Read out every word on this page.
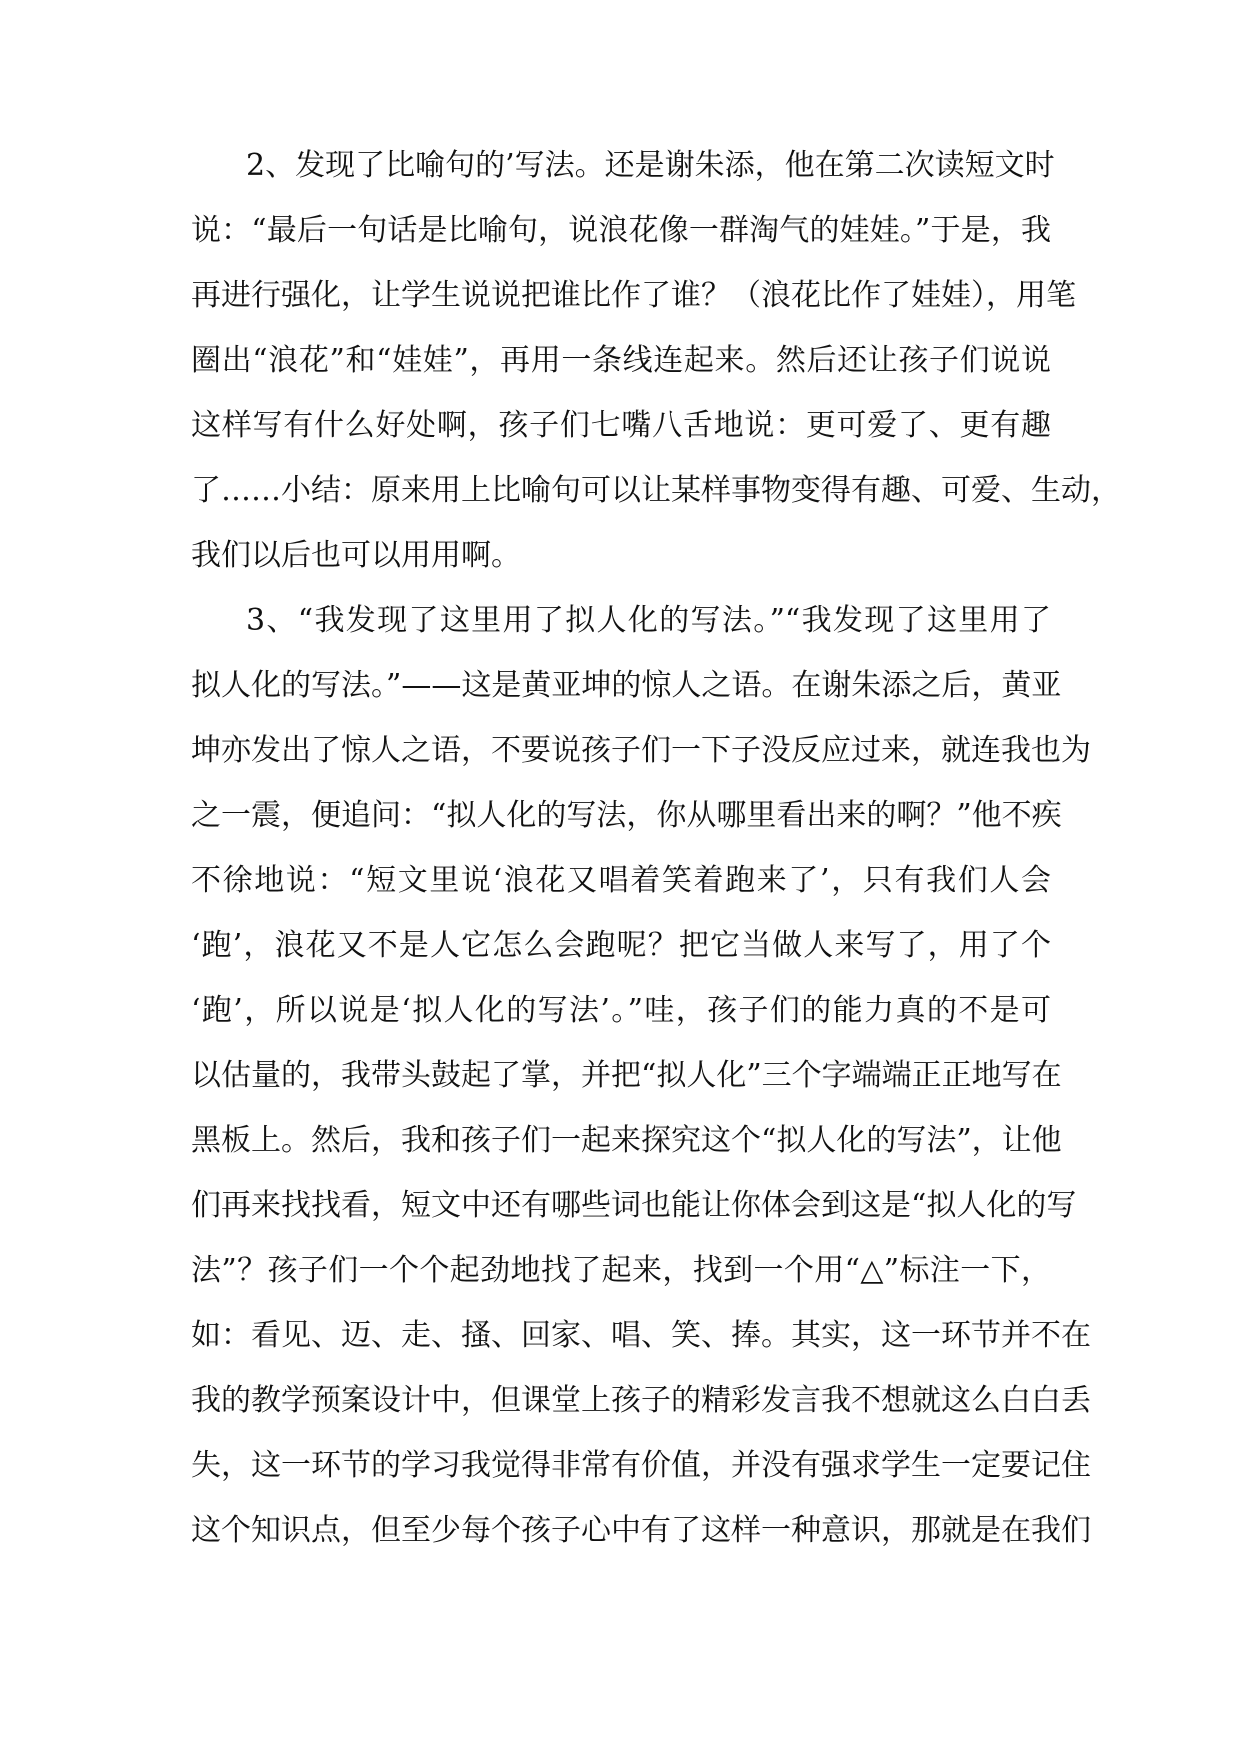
2、发现了比喻句的’写法。还是谢朱添，他在第二次读短文时
说：“最后一句话是比喻句，说浪花像一群淘气的娃娃。”于是，我
再进行强化，让学生说说把谁比作了谁？（浪花比作了娃娃），用笔
圈出“浪花”和“娃娃”，再用一条线连起来。然后还让孩子们说说
这样写有什么好处啊，孩子们七嘴八舌地说：更可爱了、更有趣
了……小结：原来用上比喻句可以让某样事物变得有趣、可爱、生动，
我们以后也可以用用啊。
3、“我发现了这里用了拟人化的写法。”“我发现了这里用了
拟人化的写法。”——这是黄亚坤的惊人之语。在谢朱添之后，黄亚
坤亦发出了惊人之语，不要说孩子们一下子没反应过来，就连我也为
之一震，便追问：“拟人化的写法，你从哪里看出来的啊？”他不疾
不徐地说：“短文里说‘浪花又唱着笑着跑来了’，只有我们人会
‘跑’，浪花又不是人它怎么会跑呢？把它当做人来写了，用了个
‘跑’，所以说是‘拟人化的写法’。”哇，孩子们的能力真的不是可
以估量的，我带头鼓起了掌，并把“拟人化”三个字端端正正地写在
黑板上。然后，我和孩子们一起来探究这个“拟人化的写法”，让他
们再来找找看，短文中还有哪些词也能让你体会到这是“拟人化的写
法”？孩子们一个个起劲地找了起来，找到一个用“△”标注一下，
如：看见、迈、走、搔、回家、唱、笑、捧。其实，这一环节并不在
我的教学预案设计中，但课堂上孩子的精彩发言我不想就这么白白丢
失，这一环节的学习我觉得非常有价值，并没有强求学生一定要记住
这个知识点，但至少每个孩子心中有了这样一种意识，那就是在我们
